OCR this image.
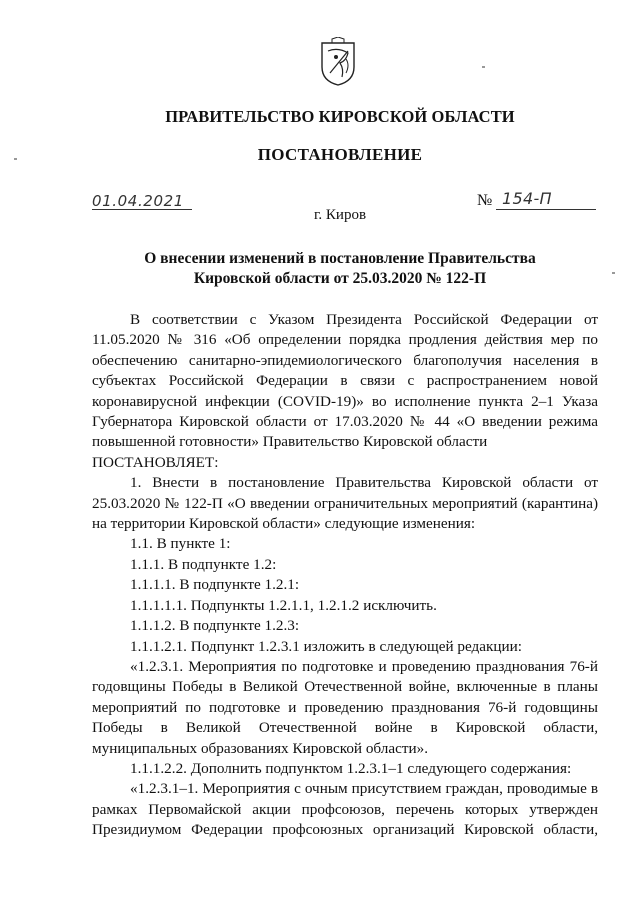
ПРАВИТЕЛЬСТВО КИРОВСКОЙ ОБЛАСТИ
ПОСТАНОВЛЕНИЕ
01.04.2021	№ 154-П
г. Киров
О внесении изменений в постановление Правительства
Кировской области от 25.03.2020 № 122-П

В соответствии с Указом Президента Российской Федерации от 11.05.2020 № 316 «Об определении порядка продления действия мер по обеспечению санитарно-эпидемиологического благополучия населения в субъектах Российской Федерации в связи с распространением новой коронавирусной инфекции (COVID-19)» во исполнение пункта 2–1 Указа Губернатора Кировской области от 17.03.2020 № 44 «О введении режима повышенной готовности» Правительство Кировской области

ПОСТАНОВЛЯЕТ:

1. Внести в постановление Правительства Кировской области от 25.03.2020 № 122-П «О введении ограничительных мероприятий (карантина) на территории Кировской области» следующие изменения:

1.1. В пункте 1:

1.1.1. В подпункте 1.2:

1.1.1.1. В подпункте 1.2.1:

1.1.1.1.1. Подпункты 1.2.1.1, 1.2.1.2 исключить.

1.1.1.2. В подпункте 1.2.3:

1.1.1.2.1. Подпункт 1.2.3.1 изложить в следующей редакции:

«1.2.3.1. Мероприятия по подготовке и проведению празднования 76-й годовщины Победы в Великой Отечественной войне, включенные в планы мероприятий по подготовке и проведению празднования 76-й годовщины Победы в Великой Отечественной войне в Кировской области, муниципальных образованиях Кировской области».

1.1.1.2.2. Дополнить подпунктом 1.2.3.1–1 следующего содержания:

«1.2.3.1–1. Мероприятия с очным присутствием граждан, проводимые в рамках Первомайской акции профсоюзов, перечень которых утвержден Президиумом Федерации профсоюзных организаций Кировской области,
